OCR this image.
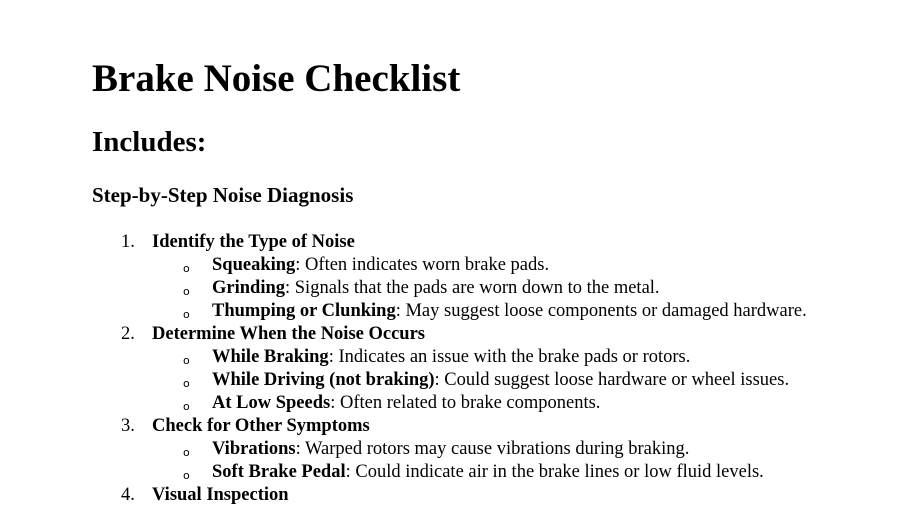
Brake Noise Checklist
Includes:
Step-by-Step Noise Diagnosis
1. Identify the Type of Noise
o Squeaking: Often indicates worn brake pads.
o Grinding: Signals that the pads are worn down to the metal.
o Thumping or Clunking: May suggest loose components or damaged hardware.
2. Determine When the Noise Occurs
o While Braking: Indicates an issue with the brake pads or rotors.
o While Driving (not braking): Could suggest loose hardware or wheel issues.
o At Low Speeds: Often related to brake components.
3. Check for Other Symptoms
o Vibrations: Warped rotors may cause vibrations during braking.
o Soft Brake Pedal: Could indicate air in the brake lines or low fluid levels.
4. Visual Inspection
